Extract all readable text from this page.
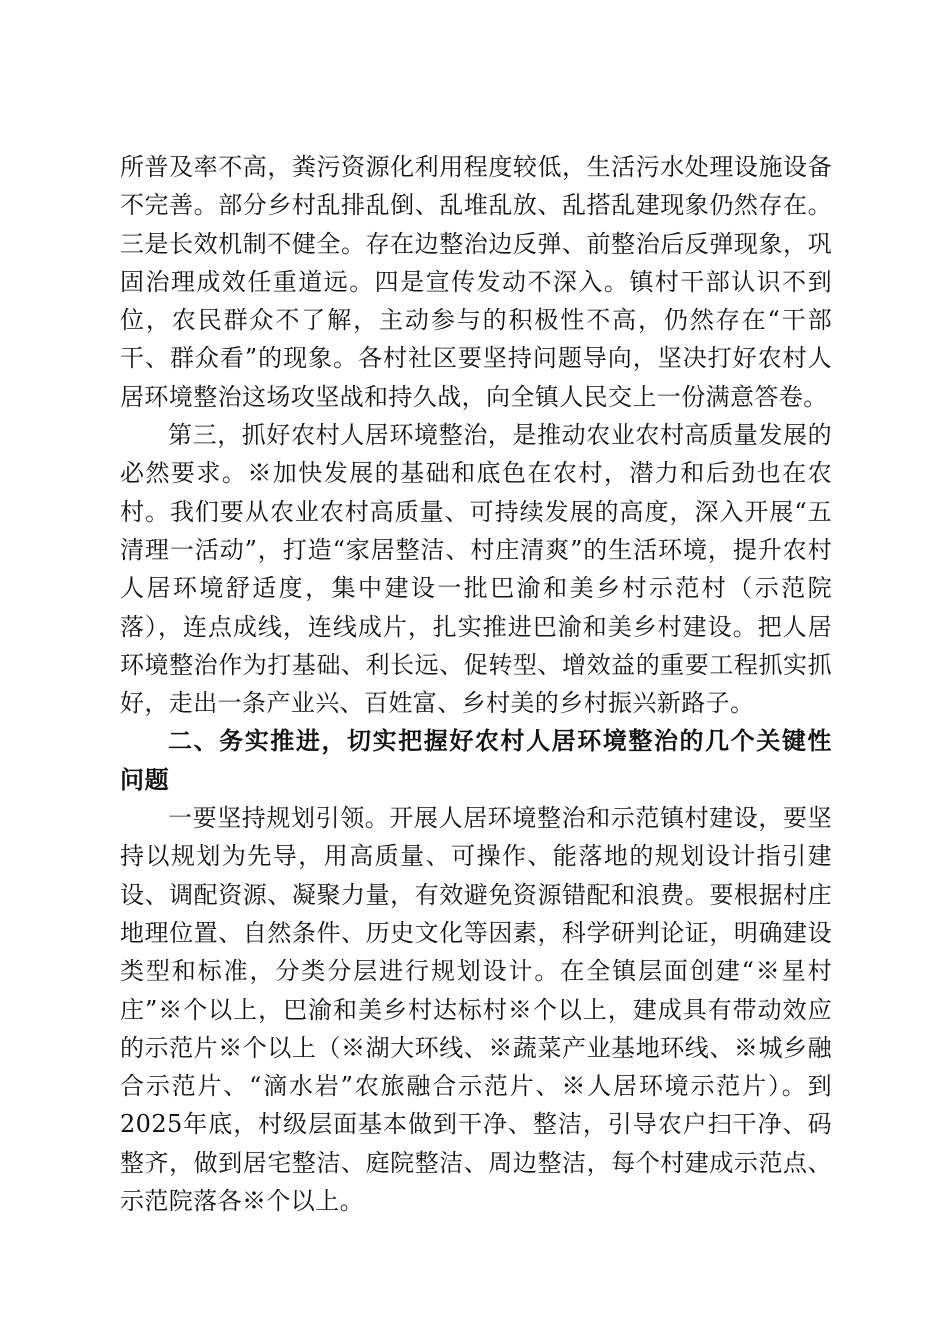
所普及率不高，粪污资源化利用程度较低，生活污水处理设施设备不完善。部分乡村乱排乱倒、乱堆乱放、乱搭乱建现象仍然存在。三是长效机制不健全。存在边整治边反弹、前整治后反弹现象，巩固治理成效任重道远。四是宣传发动不深入。镇村干部认识不到位，农民群众不了解，主动参与的积极性不高，仍然存在“干部干、群众看”的现象。各村社区要坚持问题导向，坚决打好农村人居环境整治这场攻坚战和持久战，向全镇人民交上一份满意答卷。

第三，抓好农村人居环境整治，是推动农业农村高质量发展的必然要求。※加快发展的基础和底色在农村，潜力和后劲也在农村。我们要从农业农村高质量、可持续发展的高度，深入开展“五清理一活动”，打造“家居整洁、村庄清爽”的生活环境，提升农村人居环境舒适度，集中建设一批巴渝和美乡村示范村（示范院落），连点成线，连线成片，扎实推进巴渝和美乡村建设。把人居环境整治作为打基础、利长远、促转型、增效益的重要工程抓实抓好，走出一条产业兴、百姓富、乡村美的乡村振兴新路子。

二、务实推进，切实把握好农村人居环境整治的几个关键性问题

一要坚持规划引领。开展人居环境整治和示范镇村建设，要坚持以规划为先导，用高质量、可操作、能落地的规划设计指引建设、调配资源、凝聚力量，有效避免资源错配和浪费。要根据村庄地理位置、自然条件、历史文化等因素，科学研判论证，明确建设类型和标准，分类分层进行规划设计。在全镇层面创建“※星村庄”※个以上，巴渝和美乡村达标村※个以上，建成具有带动效应的示范片※个以上（※湖大环线、※蔬菜产业基地环线、※城乡融合示范片、“滴水岩”农旅融合示范片、※人居环境示范片）。到2025年底，村级层面基本做到干净、整洁，引导农户扫干净、码整齐，做到居宅整洁、庭院整洁、周边整洁，每个村建成示范点、示范院落各※个以上。
